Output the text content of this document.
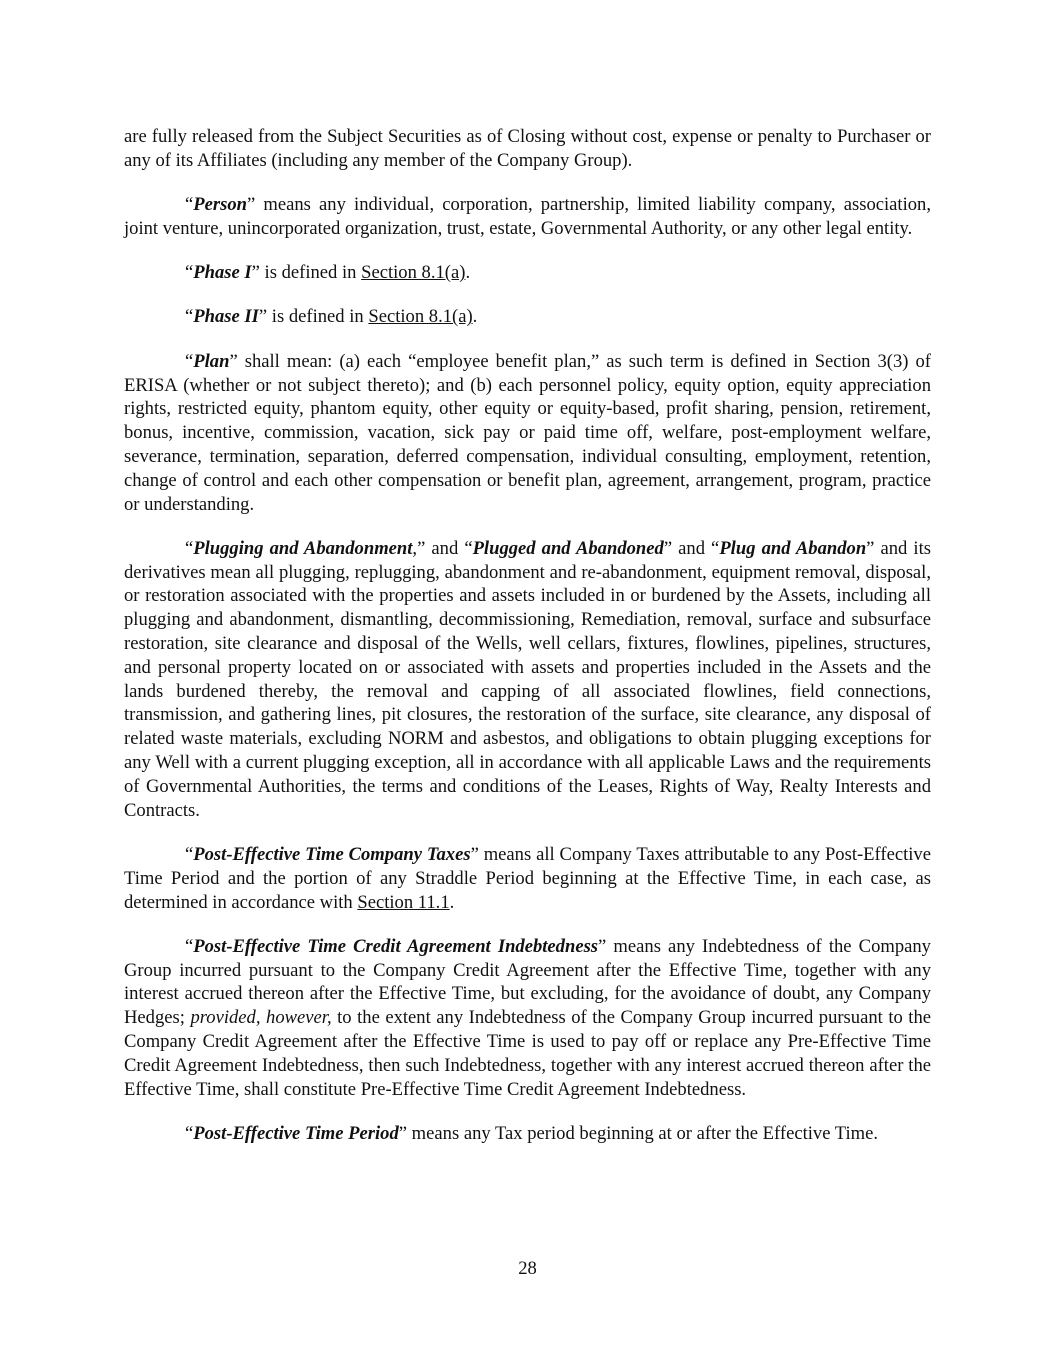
are fully released from the Subject Securities as of Closing without cost, expense or penalty to Purchaser or any of its Affiliates (including any member of the Company Group).

“Person” means any individual, corporation, partnership, limited liability company, association, joint venture, unincorporated organization, trust, estate, Governmental Authority, or any other legal entity.

“Phase I” is defined in Section 8.1(a).

“Phase II” is defined in Section 8.1(a).

“Plan” shall mean: (a) each “employee benefit plan,” as such term is defined in Section 3(3) of ERISA (whether or not subject thereto); and (b) each personnel policy, equity option, equity appreciation rights, restricted equity, phantom equity, other equity or equity-based, profit sharing, pension, retirement, bonus, incentive, commission, vacation, sick pay or paid time off, welfare, post-employment welfare, severance, termination, separation, deferred compensation, individual consulting, employment, retention, change of control and each other compensation or benefit plan, agreement, arrangement, program, practice or understanding.

“Plugging and Abandonment,” and “Plugged and Abandoned” and “Plug and Abandon” and its derivatives mean all plugging, replugging, abandonment and re-abandonment, equipment removal, disposal, or restoration associated with the properties and assets included in or burdened by the Assets, including all plugging and abandonment, dismantling, decommissioning, Remediation, removal, surface and subsurface restoration, site clearance and disposal of the Wells, well cellars, fixtures, flowlines, pipelines, structures, and personal property located on or associated with assets and properties included in the Assets and the lands burdened thereby, the removal and capping of all associated flowlines, field connections, transmission, and gathering lines, pit closures, the restoration of the surface, site clearance, any disposal of related waste materials, excluding NORM and asbestos, and obligations to obtain plugging exceptions for any Well with a current plugging exception, all in accordance with all applicable Laws and the requirements of Governmental Authorities, the terms and conditions of the Leases, Rights of Way, Realty Interests and Contracts.

“Post-Effective Time Company Taxes” means all Company Taxes attributable to any Post-Effective Time Period and the portion of any Straddle Period beginning at the Effective Time, in each case, as determined in accordance with Section 11.1.

“Post-Effective Time Credit Agreement Indebtedness” means any Indebtedness of the Company Group incurred pursuant to the Company Credit Agreement after the Effective Time, together with any interest accrued thereon after the Effective Time, but excluding, for the avoidance of doubt, any Company Hedges; provided, however, to the extent any Indebtedness of the Company Group incurred pursuant to the Company Credit Agreement after the Effective Time is used to pay off or replace any Pre-Effective Time Credit Agreement Indebtedness, then such Indebtedness, together with any interest accrued thereon after the Effective Time, shall constitute Pre-Effective Time Credit Agreement Indebtedness.

“Post-Effective Time Period” means any Tax period beginning at or after the Effective Time.

28
